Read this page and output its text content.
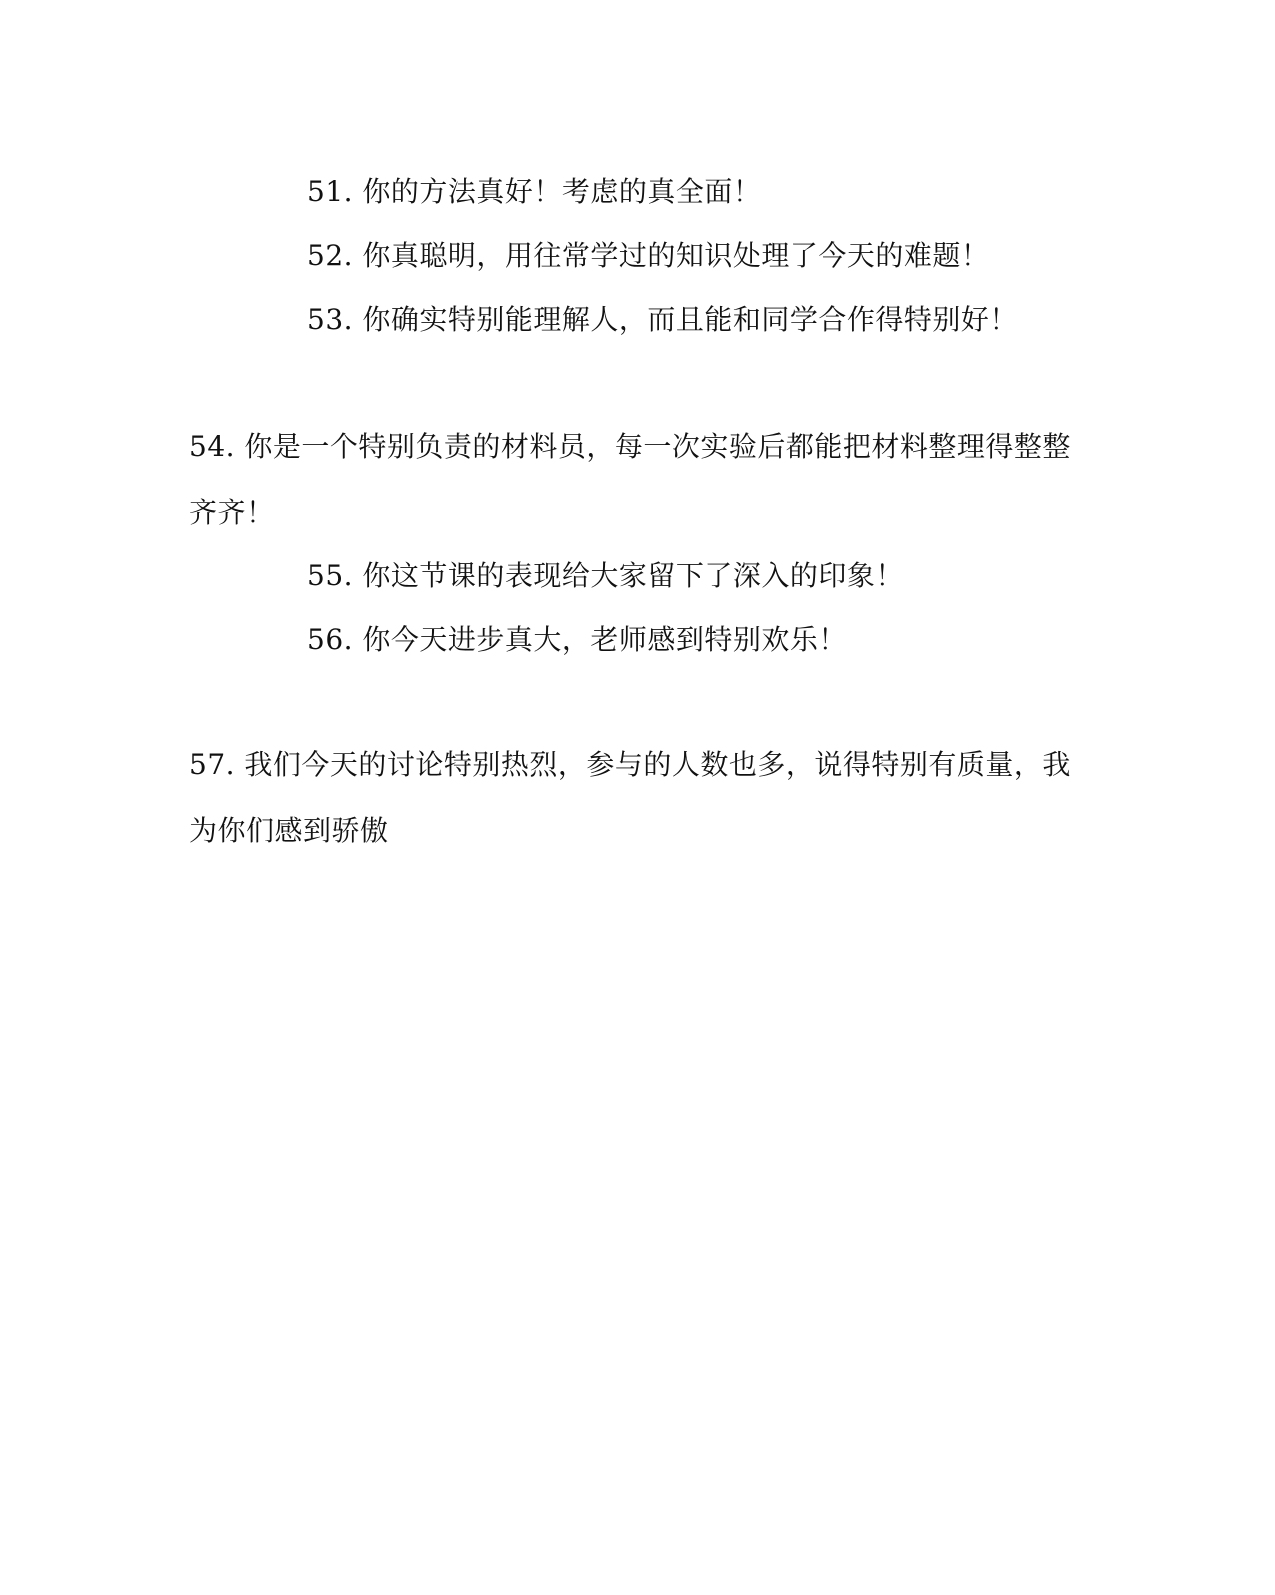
51. 你的方法真好！考虑的真全面！
52. 你真聪明，用往常学过的知识处理了今天的难题！
53. 你确实特别能理解人，而且能和同学合作得特别好！
54. 你是一个特别负责的材料员，每一次实验后都能把材料整理得整整齐齐！
55. 你这节课的表现给大家留下了深入的印象！
56. 你今天进步真大，老师感到特别欢乐！
57. 我们今天的讨论特别热烈，参与的人数也多，说得特别有质量，我为你们感到骄傲
